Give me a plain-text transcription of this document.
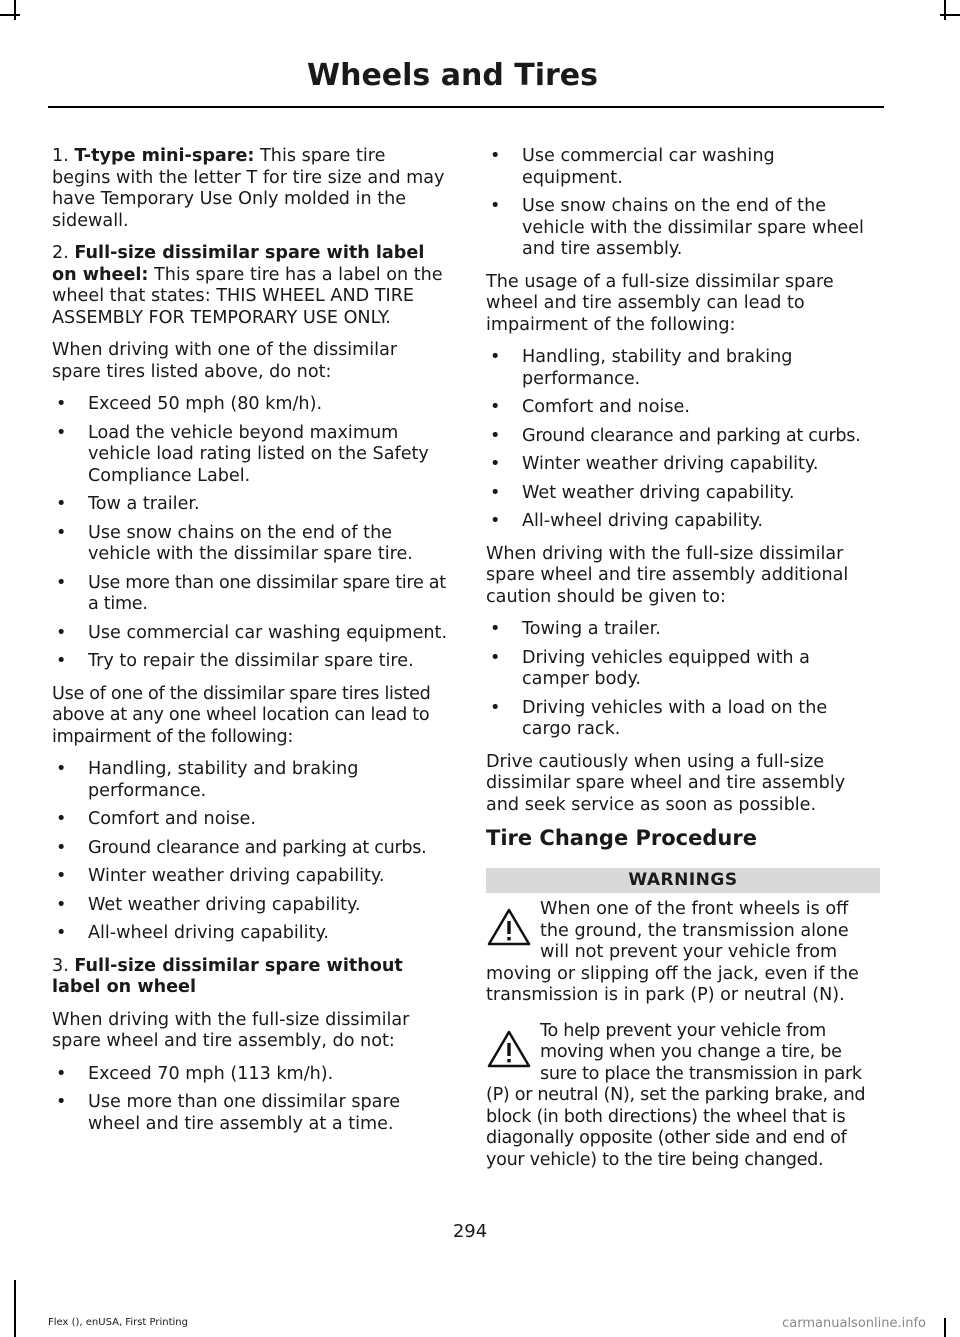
Wheels and Tires

1. T-type mini-spare: This spare tire begins with the letter T for tire size and may have Temporary Use Only molded in the sidewall.

2. Full-size dissimilar spare with label on wheel: This spare tire has a label on the wheel that states: THIS WHEEL AND TIRE ASSEMBLY FOR TEMPORARY USE ONLY.

When driving with one of the dissimilar spare tires listed above, do not:

• Exceed 50 mph (80 km/h).
• Load the vehicle beyond maximum vehicle load rating listed on the Safety Compliance Label.
• Tow a trailer.
• Use snow chains on the end of the vehicle with the dissimilar spare tire.
• Use more than one dissimilar spare tire at a time.
• Use commercial car washing equipment.
• Try to repair the dissimilar spare tire.

Use of one of the dissimilar spare tires listed above at any one wheel location can lead to impairment of the following:

• Handling, stability and braking performance.
• Comfort and noise.
• Ground clearance and parking at curbs.
• Winter weather driving capability.
• Wet weather driving capability.
• All-wheel driving capability.

3. Full-size dissimilar spare without label on wheel

When driving with the full-size dissimilar spare wheel and tire assembly, do not:

• Exceed 70 mph (113 km/h).
• Use more than one dissimilar spare wheel and tire assembly at a time.
• Use commercial car washing equipment.
• Use snow chains on the end of the vehicle with the dissimilar spare wheel and tire assembly.

The usage of a full-size dissimilar spare wheel and tire assembly can lead to impairment of the following:

• Handling, stability and braking performance.
• Comfort and noise.
• Ground clearance and parking at curbs.
• Winter weather driving capability.
• Wet weather driving capability.
• All-wheel driving capability.

When driving with the full-size dissimilar spare wheel and tire assembly additional caution should be given to:

• Towing a trailer.
• Driving vehicles equipped with a camper body.
• Driving vehicles with a load on the cargo rack.

Drive cautiously when using a full-size dissimilar spare wheel and tire assembly and seek service as soon as possible.

Tire Change Procedure
WARNINGS
When one of the front wheels is off the ground, the transmission alone will not prevent your vehicle from moving or slipping off the jack, even if the transmission is in park (P) or neutral (N).
To help prevent your vehicle from moving when you change a tire, be sure to place the transmission in park (P) or neutral (N), set the parking brake, and block (in both directions) the wheel that is diagonally opposite (other side and end of your vehicle) to the tire being changed.
294
Flex (), enUSA, First Printing	carmanualsonline.info
